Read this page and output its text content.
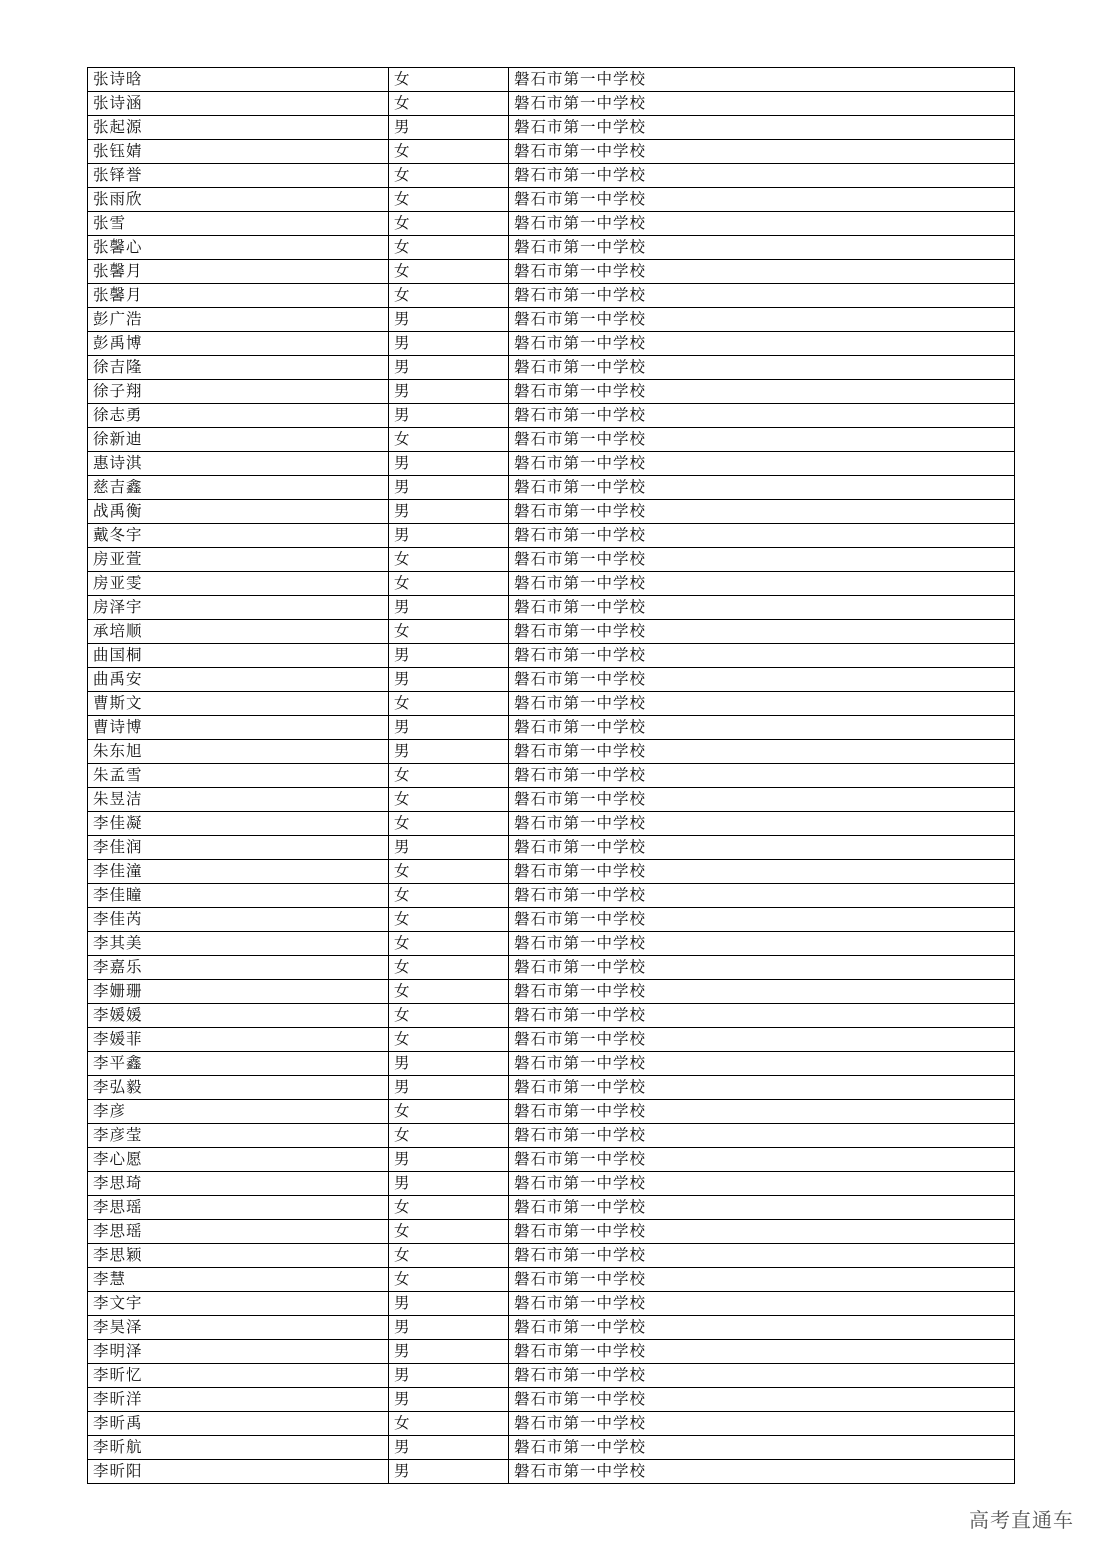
张诗晗	女	磐石市第一中学校
张诗涵	女	磐石市第一中学校
张起源	男	磐石市第一中学校
张钰婧	女	磐石市第一中学校
张铎誉	女	磐石市第一中学校
张雨欣	女	磐石市第一中学校
张雪	女	磐石市第一中学校
张馨心	女	磐石市第一中学校
张馨月	女	磐石市第一中学校
张馨月	女	磐石市第一中学校
彭广浩	男	磐石市第一中学校
彭禹博	男	磐石市第一中学校
徐吉隆	男	磐石市第一中学校
徐子翔	男	磐石市第一中学校
徐志勇	男	磐石市第一中学校
徐新迪	女	磐石市第一中学校
惠诗淇	男	磐石市第一中学校
慈吉鑫	男	磐石市第一中学校
战禹衡	男	磐石市第一中学校
戴冬宇	男	磐石市第一中学校
房亚萱	女	磐石市第一中学校
房亚雯	女	磐石市第一中学校
房泽宇	男	磐石市第一中学校
承培顺	女	磐石市第一中学校
曲国桐	男	磐石市第一中学校
曲禹安	男	磐石市第一中学校
曹斯文	女	磐石市第一中学校
曹诗博	男	磐石市第一中学校
朱东旭	男	磐石市第一中学校
朱孟雪	女	磐石市第一中学校
朱昱洁	女	磐石市第一中学校
李佳凝	女	磐石市第一中学校
李佳润	男	磐石市第一中学校
李佳潼	女	磐石市第一中学校
李佳瞳	女	磐石市第一中学校
李佳芮	女	磐石市第一中学校
李其美	女	磐石市第一中学校
李嘉乐	女	磐石市第一中学校
李姗珊	女	磐石市第一中学校
李媛媛	女	磐石市第一中学校
李媛菲	女	磐石市第一中学校
李平鑫	男	磐石市第一中学校
李弘毅	男	磐石市第一中学校
李彦	女	磐石市第一中学校
李彦莹	女	磐石市第一中学校
李心愿	男	磐石市第一中学校
李思琦	男	磐石市第一中学校
李思瑶	女	磐石市第一中学校
李思瑶	女	磐石市第一中学校
李思颖	女	磐石市第一中学校
李慧	女	磐石市第一中学校
李文宇	男	磐石市第一中学校
李昊泽	男	磐石市第一中学校
李明泽	男	磐石市第一中学校
李昕忆	男	磐石市第一中学校
李昕洋	男	磐石市第一中学校
李昕禹	女	磐石市第一中学校
李昕航	男	磐石市第一中学校
李昕阳	男	磐石市第一中学校
高考直通车
